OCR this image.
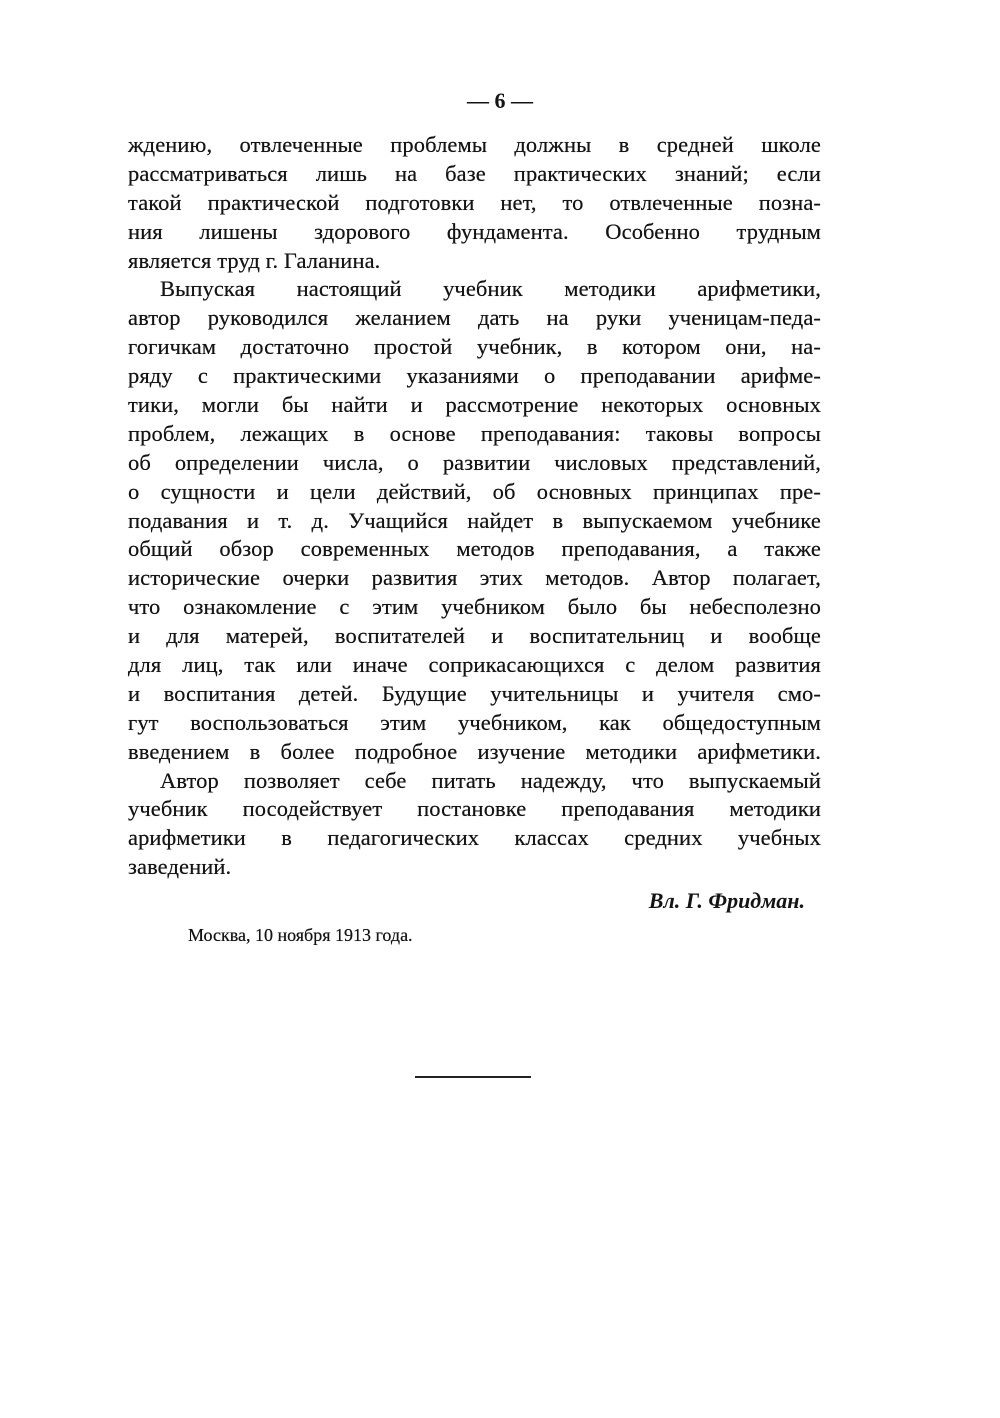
— 6 —
ждению, отвлеченные проблемы должны в средней школе
рассматриваться лишь на базе практических знаний; если
такой практической подготовки нет, то отвлеченные позна-
ния лишены здорового фундамента. Особенно трудным
является труд г. Галанина.
Выпуская настоящий учебник методики арифметики,
автор руководился желанием дать на руки ученицам-педа-
гогичкам достаточно простой учебник, в котором они, на-
ряду с практическими указаниями о преподавании арифме-
тики, могли бы найти и рассмотрение некоторых основных
проблем, лежащих в основе преподавания: таковы вопросы
об определении числа, о развитии числовых представлений,
о сущности и цели действий, об основных принципах пре-
подавания и т. д. Учащийся найдет в выпускаемом учебнике
общий обзор современных методов преподавания, а также
исторические очерки развития этих методов. Автор полагает,
что ознакомление с этим учебником было бы небесполезно
и для матерей, воспитателей и воспитательниц и вообще
для лиц, так или иначе соприкасающихся с делом развития
и воспитания детей. Будущие учительницы и учителя смо-
гут воспользоваться этим учебником, как общедоступным
введением в более подробное изучение методики арифметики.
Автор позволяет себе питать надежду, что выпускаемый
учебник посодействует постановке преподавания методики
арифметики в педагогических классах средних учебных
заведений.
Вл. Г. Фридман.
Москва, 10 ноября 1913 года.
